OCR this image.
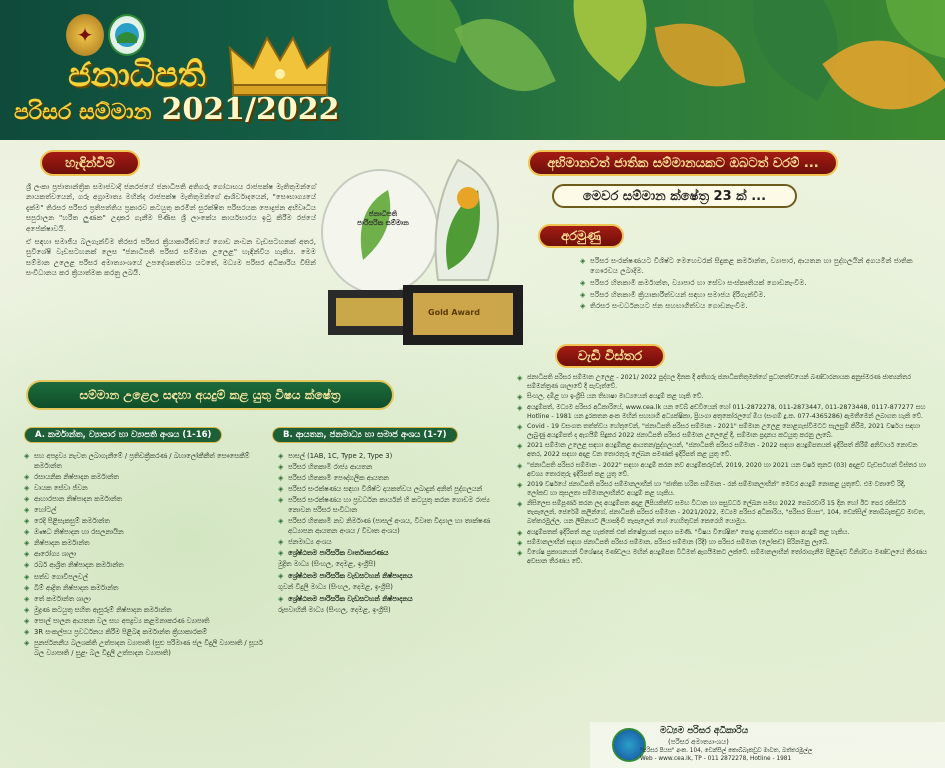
✦
ජනාධිපති
පරිසර සම්මාන 2021/2022
හැඳින්වීම

ශ්‍රී ලංකා ප්‍රජාතාන්ත්‍රික සමාජවාදී ජනරජයේ ජනාධිපති අතිගරු ගෝඨාභය රාජපක්ෂ මැතිතුමන්ගේ නායකත්වයෙන්, ගරු අග්‍රාමාත්‍ය මහින්ද රාජපක්ෂ මැතිතුමන්ගේ ආශිර්වාදයෙන්, "සෞභාග්‍යයේ දැක්ම" තිරසර පරිසර ප්‍රතිපත්තිය ප්‍රකාරව කටයුතු කරමින් සුරක්ෂිත පරිසරයක පොදුජන අභිවෘධිය සපුරාලන "හරිත ලුණක" උදාකර ගැනීම පිණිස ශ්‍රී ලාංකේය කාර්යභාරය ඉටු කිරීම රජයේ අපේක්ෂාවයි.

ඒ සඳහා සමාජීය බලගැන්වීම තිරසර පරිසර ක්‍රියාකාරීත්වයේ ගොඩ නංවන වැඩසටහනක් අතර, සුවිශේෂී වැඩසටහනක් ලෙස "ජනාධිපති පරිසර සම්මාන උලෙළ" හැඳින්විය හැකිය. මෙම සම්මාන උලෙළ පරිසර අමාත්‍යාංශයේ උපදේශකත්වය යටතේ, මධ්‍යම පරිසර අධිකාරිය විසින් සංවිධානය කර ක්‍රියාත්මක කරනු ලබයි.

ජනාධිපති
පාරිසරික සම්මාන
Gold Award
අභිමානවත් ජාතික සම්මානයකට ඔබටත් වරම් ...
මෙවර සම්මාන ක්ෂේත්‍ර 23 ක් ...
අරමුණු
◈ පරිසර සංරක්ෂණයට විශිෂ්ට මෙහෙවරක් සිදුකළ කර්මාන්ත, ව්‍යාපාර, ආයතන හා පුද්ගලයින් අගයමින් ජාතික ගෞරවය ලබාදීම.
◈ පරිසර හිතකාමී කර්මාන්ත, ව්‍යාපාර හා සේවා සංස්කෘතියක් ගොඩනැංවීම.
◈ පරිසර හිතකාමී ක්‍රියාකාරීත්වයන් සඳහා සමාජය දිරිගැන්වීම.
◈ තිරසර සංවර්ධනයට ජන සහභාගීත්වය ගොඩනැංවීම.
වැඩි විස්තර
◈ ජනාධිපති පරිසර සම්මාන උලෙළ - 2021/ 2022 පුද්ගල දිනක දී අතිගරු ජනාධිපතිතුමන්ගේ ප්‍රධානත්වයෙන් බණ්ඩාරනායක අනුස්මරණ ජාත්‍යන්තර සම්මන්ත්‍රණ ශාලාවේ දී පැවැත්වේ.
◈ සිංහල, දමිළ හා ඉංග්‍රීසි යන තිභාෂා මාධ්‍යයෙන් අයදුම් කළ හැකි වේ.
◈ අයදුම්පත්, මධ්‍යම පරිසර අධිකාරියේ, www.cea.lk යන වෙබ් අඩවියෙන් හෝ 011-2872278, 011-2873447, 011-2873448, 0117-877277 සහ Hotline - 1981 යන දුරකතන අංක මඟින් සහභාගී අධ්‍යක්ෂිකා, ප්‍රියංගා අතුකෝරලගේ මිය (සංගම් දු.ක. 077-4365286) ඇමතීමෙන් ලබාගත හැකි වේ.
◈ Covid - 19 වසංගත තත්ත්වය හේතුවෙන්, "ජනාධිපති පරිසර සම්මාන - 2021" සම්මාන උලෙළ පොළගැස්වීමටට සැලසුම් කිරීම, 2021 වර්ෂය සඳහා ලැබුණු අයදුම්පත් ද ඇගයීම් සිදුකර 2022 ජනාධිපති පරිසර සම්මාන උලෙළේ දී, සම්මාන ප්‍රදානය කටයුතු කරනු ලැබේ.
◈ 2021 සම්මාන උලෙළ සඳහා අයදුම්කළ ආයතන/පුද්ගලයන්, "ජනාධිපති පරිසර සම්මාන - 2022 සඳහා අයදුම්පතයක් ඉදිරිපත් කිරීම් අනිවාර්ය නොවන අතර, 2022 සඳහා අදාළ වන තොරතුරු ලේඛන පමණක් ඉදිරිපත් කළ යුතු වේ.
◈ "ජනාධිපති පරිසර සම්මාන - 2022" සඳහා අයදුම් කරන නව අයදුම්කරුවන්, 2019, 2020 හා 2021 යන වර්ෂ තුනට (03) අදාළව වැඩසටහන් විස්තර හා අවශ්‍ය තොරතුරු ඉදිරිපත් කළ යුතු වේ.
◈ 2019 වර්ෂයේ ජනාධිපති පරිසර සම්මානලාභීන් හා "ජාතික හරිත සම්මාන - රන් සම්මානලාභීන්" මෙවර අයදුම් නොකළ යුතුවේ. එම වතාවේ රිදී, ලෝකඩ හා කුසලතා සම්මානලාභීන්ට අයදුම් කළ හැකිය.
◈ නිසිලෙස සම්පූර්ණ කරන ලද අයදුම්පත අදාළ ලිපියකිත්ව සමඟ විධාන හා පසුවර්ධ ලේඛන සමඟ 2022 පෙබරවාරි 15 දින හෝ ඊට පෙර රජිස්ටර් තැපෑලෙන්, ජෙරේමි කලින්ගේ, ජනාධිපති පරිසර සම්මාන - 2021/2022, මධ්‍යම පරිසර අධිකාරිය, "පරිසර පියස", 104, ඩෙන්සිල් කොබ්බෑකඩුව මාවත, බත්තරමුල්ල. යන ලිපිනයට ලියාපදිංචි තැපෑලෙන් හෝ හෙහිතුවන් කෙරෙහි යොමුය.
◈ අයදුම්පතක් ඉදිරිපත් කළ හැක්කේ එක් ක්ෂේත්‍රයක් සඳහා පමණි. "විෂය විශේෂිත" පොදු දායකත්වය සඳහා අයදුම් කළ හැකිය.
◈ සම්මානලාභීන් සඳහා ජනාධිපති පරිසර සම්මාන, පරිසර සම්මාන (රිදී) හා පරිසර සම්මාන (ලෝකඩ) පිරිනමනු ලැබේ.
◈ විශේෂ ප්‍රකාශනයන් විශේෂඥ මණ්ඩලය මඟින් අයදුම්පත විධිමත් ඇගයීමකට ලක්වේ. සම්මානලාභීන් තෝරාගැනීම පිළිබඳව විනිශ්චය මණ්ඩලයේ තීරණය අවසාන තීරණය වේ.
සම්මාන උළෙල සඳහා අයදුම් කළ යුතු විෂය ක්ෂේත්‍ර
A. කර්මාන්ත, ව්‍යාපාර හා ව්‍යාපති අංශය (1-16)	B. ආයතන, ජනමාධ්‍ය හා සමාජ අංශය (1-7)
◈ සහ අපද්‍රව්‍ය නැවත ලබාගැනීමේ / ප්‍රතිචක්‍රීකරණ / බහාලෝකීකීත් සෞසෙකීම් කර්මාන්ත
◈ රසායනික නිෂ්පාදන කර්මාන්ත
◈ වායක සේවා ජ්වන
◈ ආහාරපාන නිෂ්පාදන කර්මාන්ත
◈ හෝටල්
◈ රෙදි පිළිසැකසුම් කර්මාන්ත
◈ ඖෂධ නිෂ්පාදන හා රසලනායින
◈ නිෂ්පාදන කර්මාන්ත
◈ ආරෝග්‍ය ශාලා
◈ රබර් ආශ්‍රිත නිෂ්පාදන කර්මාන්ත
◈ සත්ව ගොවිපලවල්
◈ බිම් ආද්‍රිත නිෂ්පාදන කර්මාන්ත
◈ තේ කර්මාන්ත ශාලා
◈ මුද්‍රණ කටයුතු සහිත ඇසුරුම් නිෂ්පාදන කර්මාන්ත
◈ පොල් පාලන ආයතන වල සහ අපද්‍රව්‍ය කළමනාකරණ ව්‍යාපෘති
◈ 3R සංකල්පය ප්‍රවර්ධනය කිරීම පිළිබඳ කර්මාන්ත ක්‍රියාකාරකම්
◈ පුනර්ජනනීය බලශක්ති උත්පාදන ව්‍යාපෘති (සුළු පරිමාණ ජල විදුලි ව්‍යාපෘති / සූර්ය බල ව්‍යාපෘති / සුළං බල විදුලි උත්පාදන ව්‍යාපෘති)
◈ පාසල් (1AB, 1C, Type 2, Type 3)
◈ පරිසර හිතකාමී රාජ්‍ය ආයතන
◈ පරිසර හිතකාමී පෞද්ගලික ආයතන
◈ පරිසර සංරක්ෂණය සඳහා විශිෂ්ට දායකත්වය ලබාදුන් අනිත් පුද්ගලයන්
◈ පරිසර සංරක්ෂණය හා ප්‍රවර්ධන කාර්යන් හි කටයුතු කරන ගොඩම රාජ්‍ය නොවන පරිසර සංවිධාන
◈ පරිසර හිතකාමී නව නිර්මාණ (පාසල් අංශය, විවෘත විද්‍යාල හා තාක්ෂණ අධ්‍යාපන ආයතන අංශය / විවෘත අංශය)
◈ ජනමාධ්‍ය අංශය
◈ ශ්‍රේෂ්ඨතම පාරිසරික වාර්තාකරණය
මුද්‍රිත මාධ්‍ය (සිංහල, දෙමළ, ඉංග්‍රීසි)
◈ ශ්‍රේෂ්ඨතම පාරිසරික වැඩසටහන් නිෂ්පාදනය
ගුවන් විදුලි මාධ්‍ය (සිංහල, දෙමළ, ඉංග්‍රීසි)
◈ ශ්‍රේෂ්ඨතම පාරිසරික වැඩසටහන් නිෂ්පාදනය
රූපවාහිනී මාධ්‍ය (සිංහල, දෙමළ, ඉංග්‍රීසි)
මධ්‍යම පරිසර අධිකාරිය
(පරිසර අමාත්‍යාංශය)
"පරිසර පියස" අංක. 104, ඩෙන්සිල් කොබ්බෑකඩුව මාවත, බත්තරමුල්ල
Web - www.cea.lk, TP - 011 2872278, Hotline - 1981
